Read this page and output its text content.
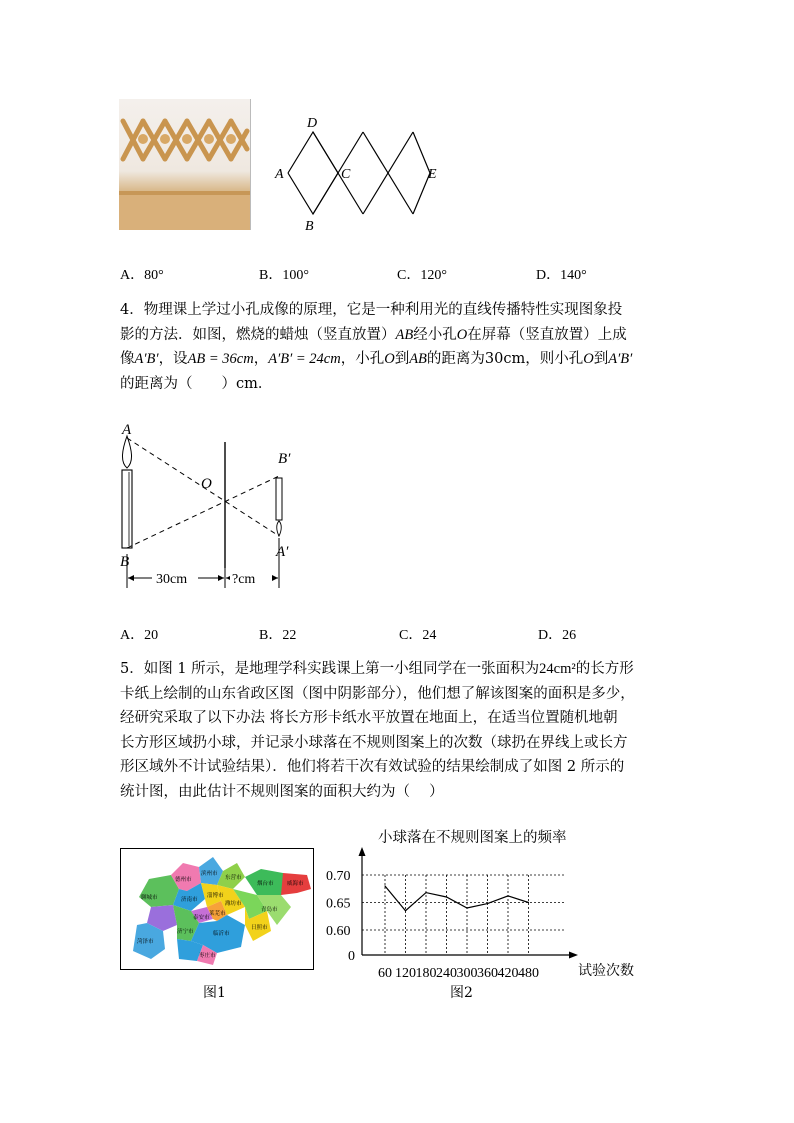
D
A	C	E
B
A．80°	B．100°	C．120°	D．140°
4．物理课上学过小孔成像的原理，它是一种利用光的直线传播特性实现图象投
影的方法．如图，燃烧的蜡烛（竖直放置）AB经小孔O在屏幕（竖直放置）上成
像A′B′，设AB = 36cm，A′B′ = 24cm，小孔O到AB的距离为30cm，则小孔O到A′B′
的距离为（　　）cm．
A
B
O
B′
A′
30cm	?cm
A．20	B．22	C．24	D．26
5．如图 1 所示，是地理学科实践课上第一小组同学在一张面积为24cm²的长方形
卡纸上绘制的山东省政区图（图中阴影部分），他们想了解该图案的面积是多少，
经研究采取了以下办法 将长方形卡纸水平放置在地面上，在适当位置随机地朝
长方形区域扔小球，并记录小球落在不规则图案上的次数（球扔在界线上或长方
形区域外不计试验结果）．他们将若干次有效试验的结果绘制成了如图 2 所示的
统计图，由此估计不规则图案的面积大约为（　 ）
聊城市
德州市
滨州市
东营市
烟台市 威海市
济南市
淄博市
潍坊市
青岛市
泰安市
莱芜市
日照市
济宁市	临沂市
菏泽市
枣庄市
图1
小球落在不规则图案上的频率
0.70
0.65
0.60
0
60 120 180 240 300 360 420 480	试验次数
图2
